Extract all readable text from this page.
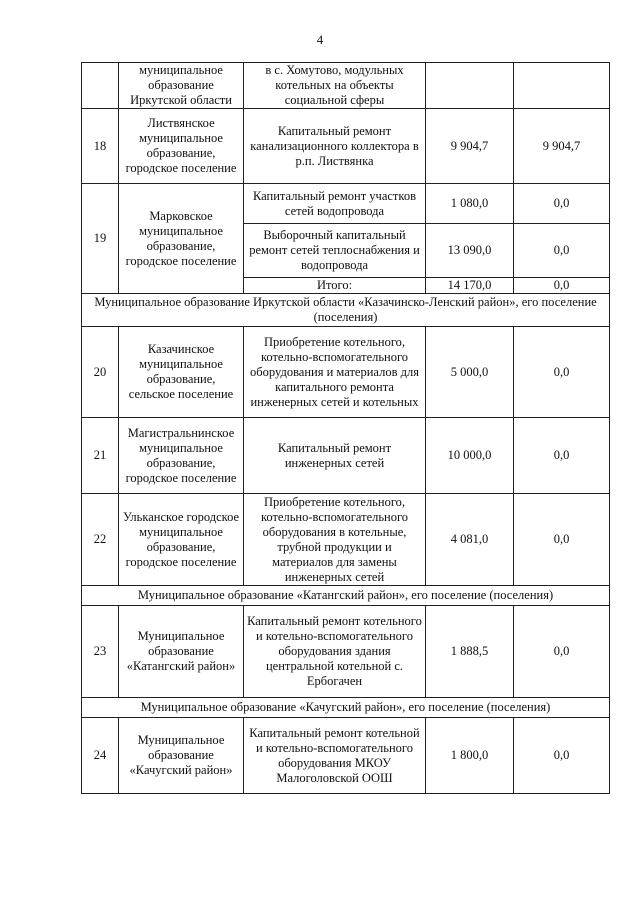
4
	муниципальное образование Иркутской области	в с. Хомутово, модульных котельных на объекты социальной сферы		
18	Листвянское муниципальное образование, городское поселение	Капитальный ремонт канализационного коллектора в р.п. Листвянка	9 904,7	9 904,7
19	Марковское муниципальное образование, городское поселение	Капитальный ремонт участков сетей водопровода	1 080,0	0,0
		Выборочный капитальный ремонт сетей теплоснабжения и водопровода	13 090,0	0,0
		Итого:	14 170,0	0,0
Муниципальное образование Иркутской области «Казачинско-Ленский район», его поселение (поселения)				
20	Казачинское муниципальное образование, сельское поселение	Приобретение котельного, котельно-вспомогательного оборудования и материалов для капитального ремонта инженерных сетей и котельных	5 000,0	0,0
21	Магистральнинское муниципальное образование, городское поселение	Капитальный ремонт инженерных сетей	10 000,0	0,0
22	Ульканское городское муниципальное образование, городское поселение	Приобретение котельного, котельно-вспомогательного оборудования в котельные, трубной продукции и материалов для замены инженерных сетей	4 081,0	0,0
Муниципальное образование «Катангский район», его поселение (поселения)				
23	Муниципальное образование «Катангский район»	Капитальный ремонт котельного и котельно-вспомогательного оборудования здания центральной котельной с. Ербогачен	1 888,5	0,0
Муниципальное образование «Качугский район», его поселение (поселения)				
24	Муниципальное образование «Качугский район»	Капитальный ремонт котельной и котельно-вспомогательного оборудования МКОУ Малоголовской ООШ	1 800,0	0,0
